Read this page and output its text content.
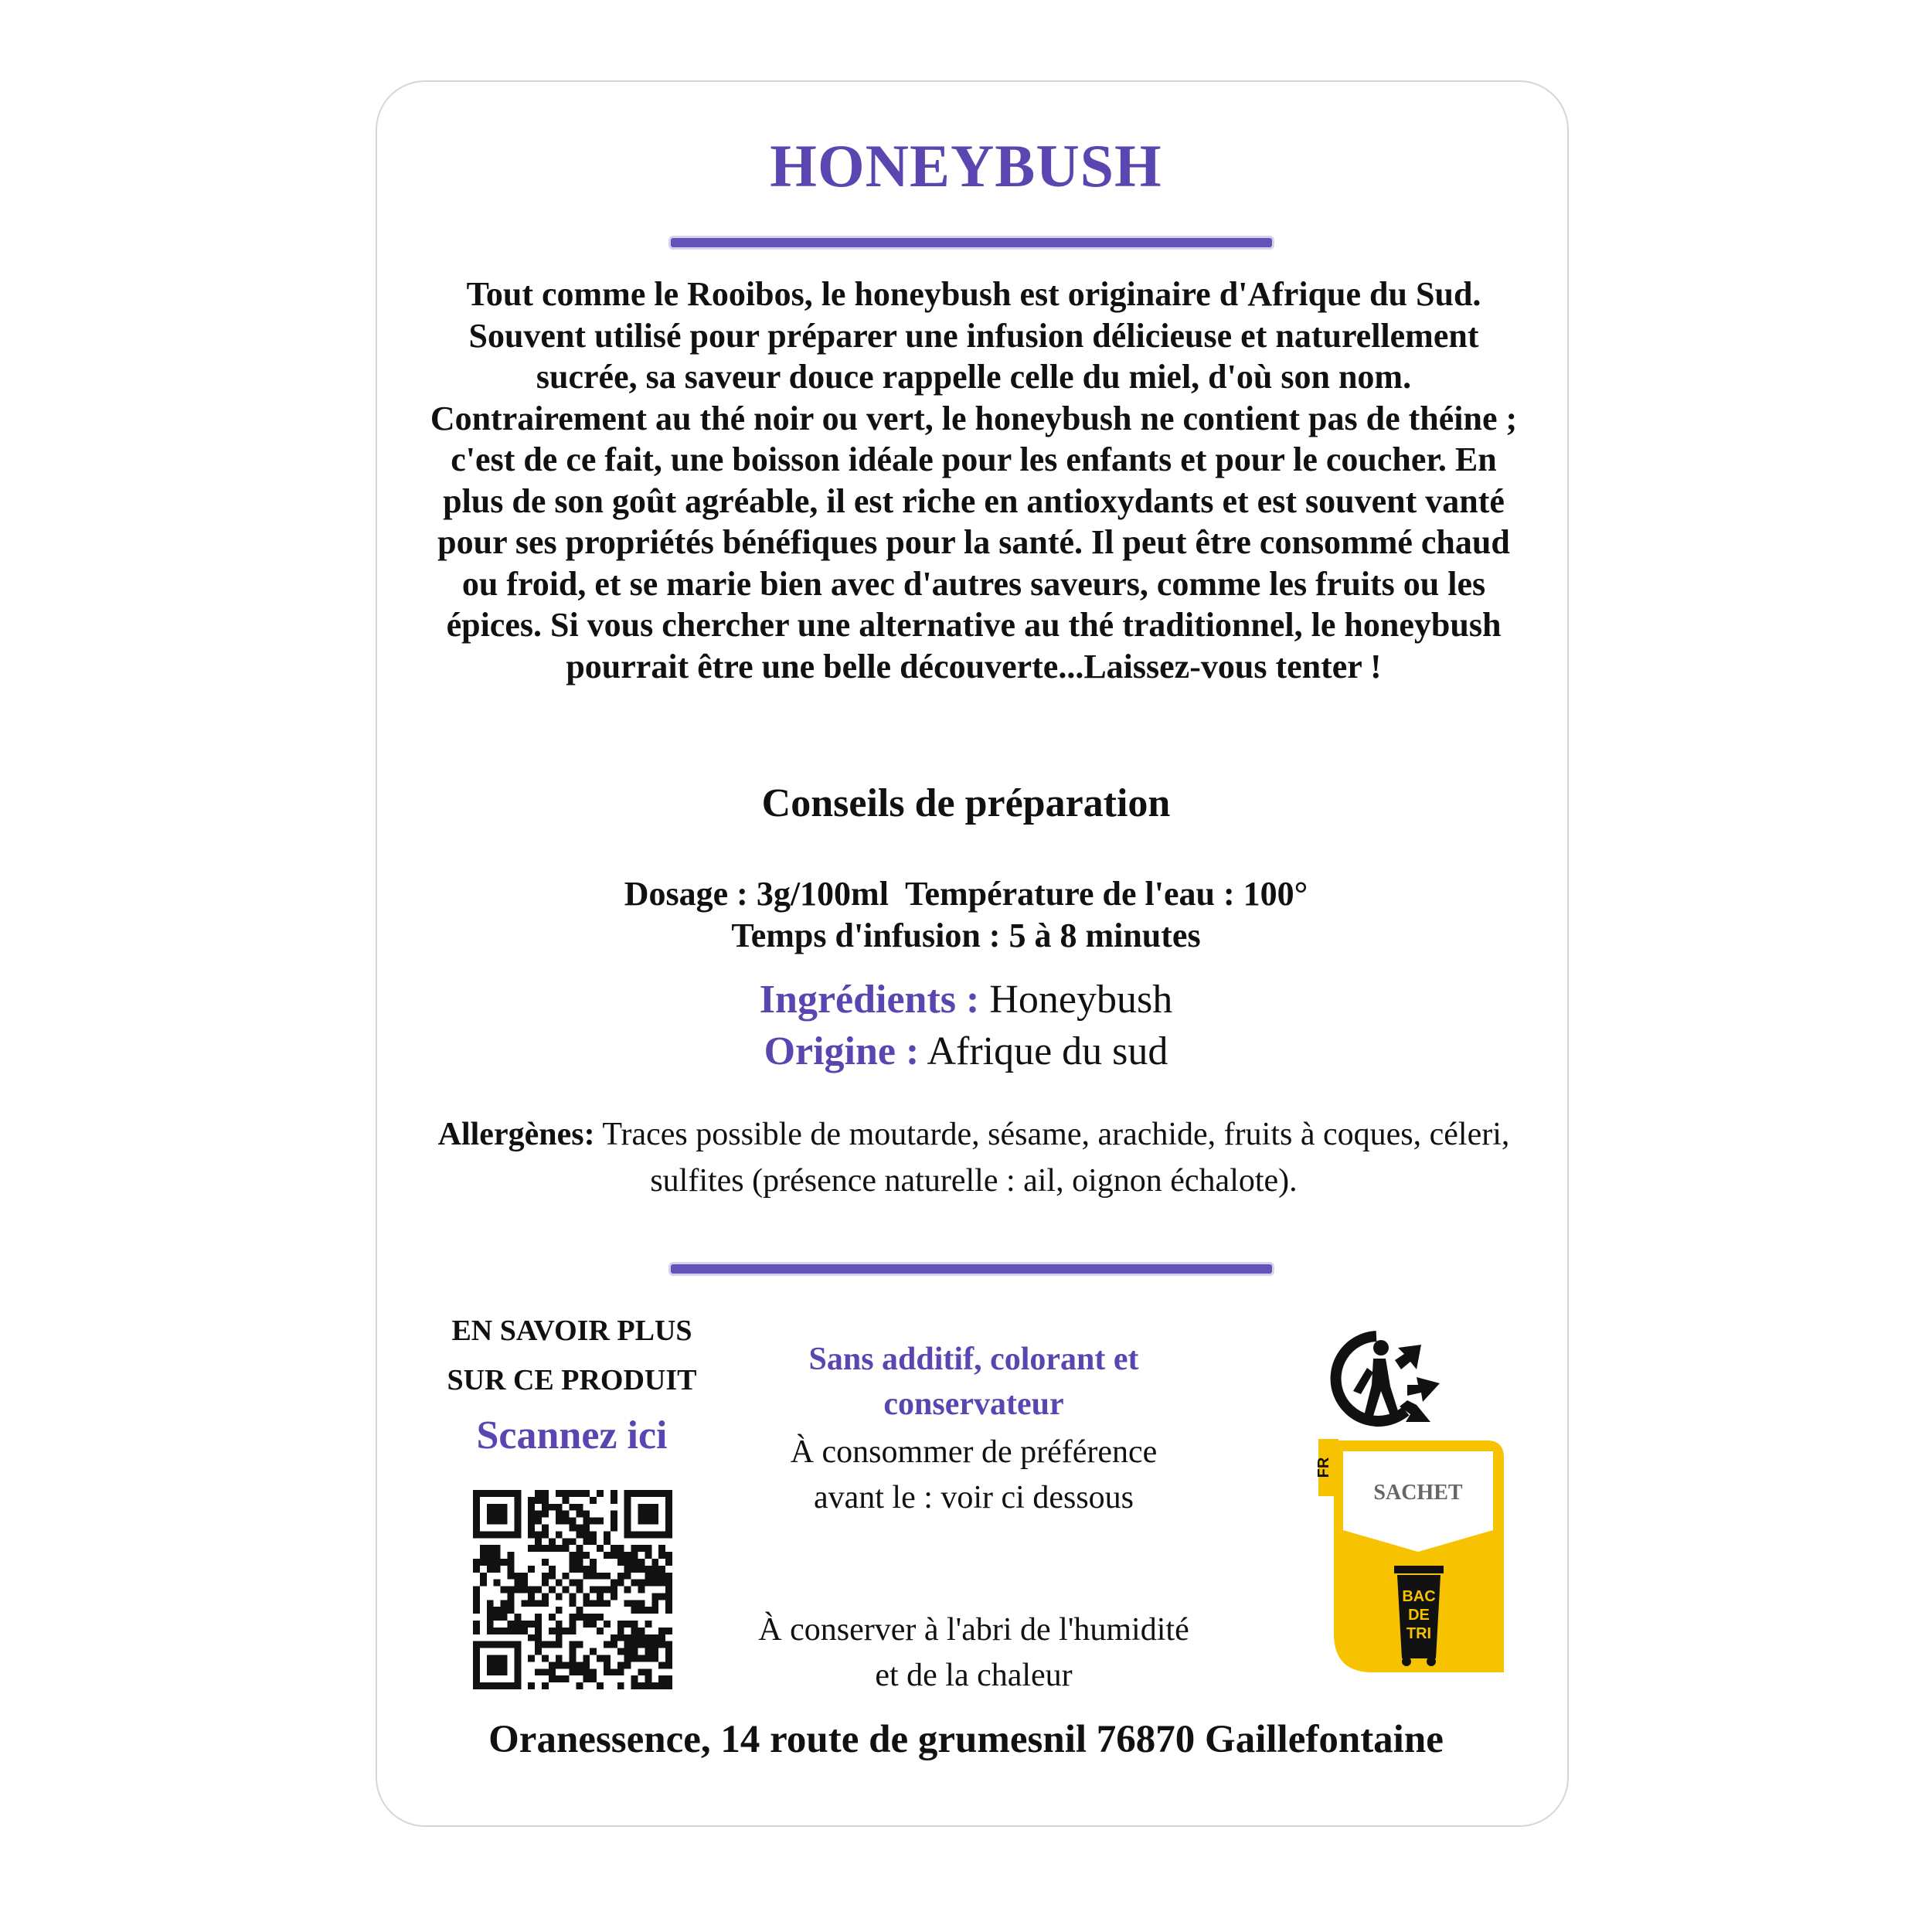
HONEYBUSH
Tout comme le Rooibos, le honeybush est originaire d'Afrique du Sud. Souvent utilisé pour préparer une infusion délicieuse et naturellement sucrée, sa saveur douce rappelle celle du miel, d'où son nom. Contrairement au thé noir ou vert, le honeybush ne contient pas de théine ; c'est de ce fait, une boisson idéale pour les enfants et pour le coucher. En plus de son goût agréable, il est riche en antioxydants et est souvent vanté pour ses propriétés bénéfiques pour la santé. Il peut être consommé chaud ou froid, et se marie bien avec d'autres saveurs, comme les fruits ou les épices. Si vous chercher une alternative au thé traditionnel, le honeybush pourrait être une belle découverte...Laissez-vous tenter !
Conseils de préparation
Dosage : 3g/100ml Température de l'eau : 100°
Temps d'infusion : 5 à 8 minutes
Ingrédients : Honeybush
Origine : Afrique du sud
Allergènes: Traces possible de moutarde, sésame, arachide, fruits à coques, céleri, sulfites (présence naturelle : ail, oignon échalote).
EN SAVOIR PLUS
SUR CE PRODUIT
Scannez ici
Sans additif, colorant et conservateur
À consommer de préférence avant le : voir ci dessous
À conserver à l'abri de l'humidité et de la chaleur
FR
SACHET
BAC
DE
TRI
Oranessence, 14 route de grumesnil 76870 Gaillefontaine
